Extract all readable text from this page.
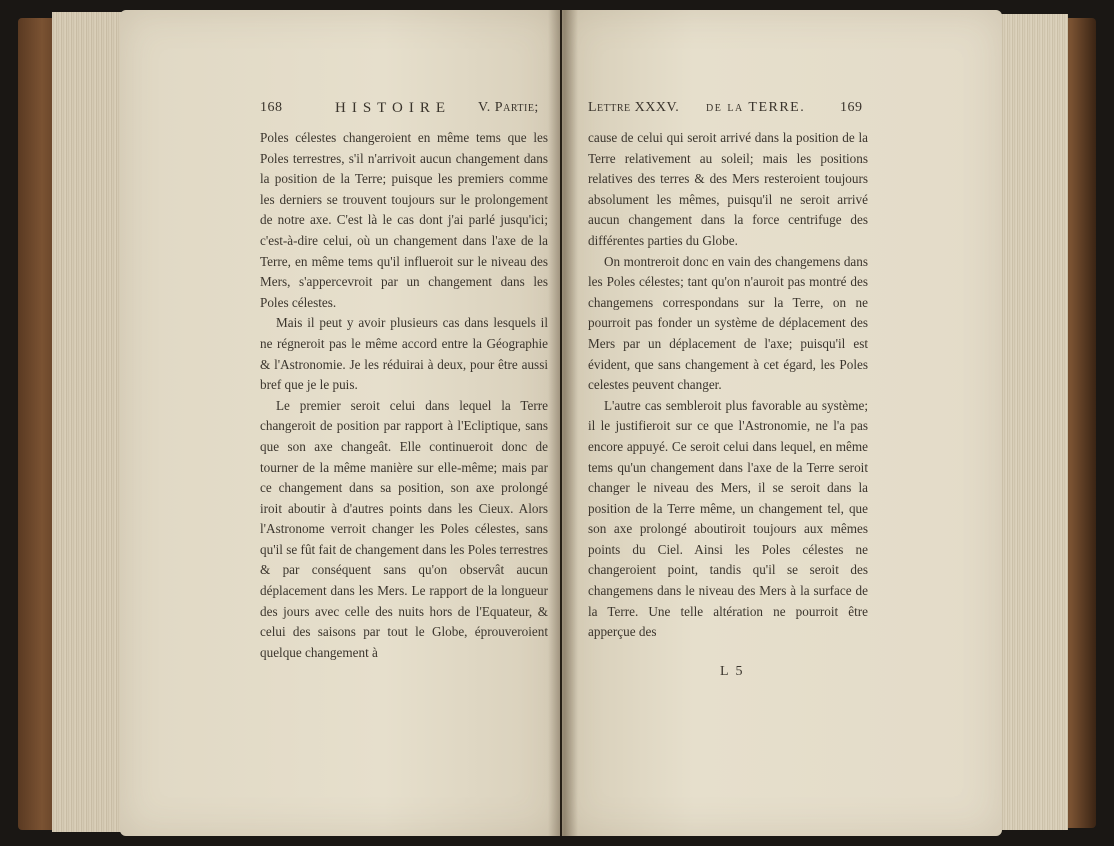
168	HISTOIRE V. Partie;

Poles célestes changeroient en même tems que les Poles terrestres, s'il n'arrivoit aucun changement dans la position de la Terre; puisque les premiers comme les derniers se trouvent toujours sur le prolongement de notre axe. C'est là le cas dont j'ai parlé jusqu'ici; c'est-à-dire celui, où un changement dans l'axe de la Terre, en même tems qu'il influeroit sur le niveau des Mers, s'appercevroit par un changement dans les Poles célestes.

Mais il peut y avoir plusieurs cas dans lesquels il ne régneroit pas le même accord entre la Géographie & l'Astronomie. Je les réduirai à deux, pour être aussi bref que je le puis.

Le premier seroit celui dans lequel la Terre changeroit de position par rapport à l'Ecliptique, sans que son axe changeât. Elle continueroit donc de tourner de la même manière sur elle-même; mais par ce changement dans sa position, son axe prolongé iroit aboutir à d'autres points dans les Cieux. Alors l'Astronome verroit changer les Poles célestes, sans qu'il se fût fait de changement dans les Poles terrestres & par conséquent sans qu'on observât aucun déplacement dans les Mers. Le rapport de la longueur des jours avec celle des nuits hors de l'Equateur, & celui des saisons par tout le Globe, éprouveroient quelque changement à

Lettre XXXV. de la TERRE. 169

cause de celui qui seroit arrivé dans la position de la Terre relativement au soleil; mais les positions relatives des terres & des Mers resteroient toujours absolument les mêmes, puisqu'il ne seroit arrivé aucun changement dans la force centrifuge des différentes parties du Globe.

On montreroit donc en vain des changemens dans les Poles célestes; tant qu'on n'auroit pas montré des changemens correspondans sur la Terre, on ne pourroit pas fonder un système de déplacement des Mers par un déplacement de l'axe; puisqu'il est évident, que sans changement à cet égard, les Poles celestes peuvent changer.

L'autre cas sembleroit plus favorable au système; il le justifieroit sur ce que l'Astronomie, ne l'a pas encore appuyé. Ce seroit celui dans lequel, en même tems qu'un changement dans l'axe de la Terre seroit changer le niveau des Mers, il se seroit dans la position de la Terre même, un changement tel, que son axe prolongé aboutiroit toujours aux mêmes points du Ciel. Ainsi les Poles célestes ne changeroient point, tandis qu'il se seroit des changemens dans le niveau des Mers à la surface de la Terre. Une telle altération ne pourroit être apperçue des

L 5
